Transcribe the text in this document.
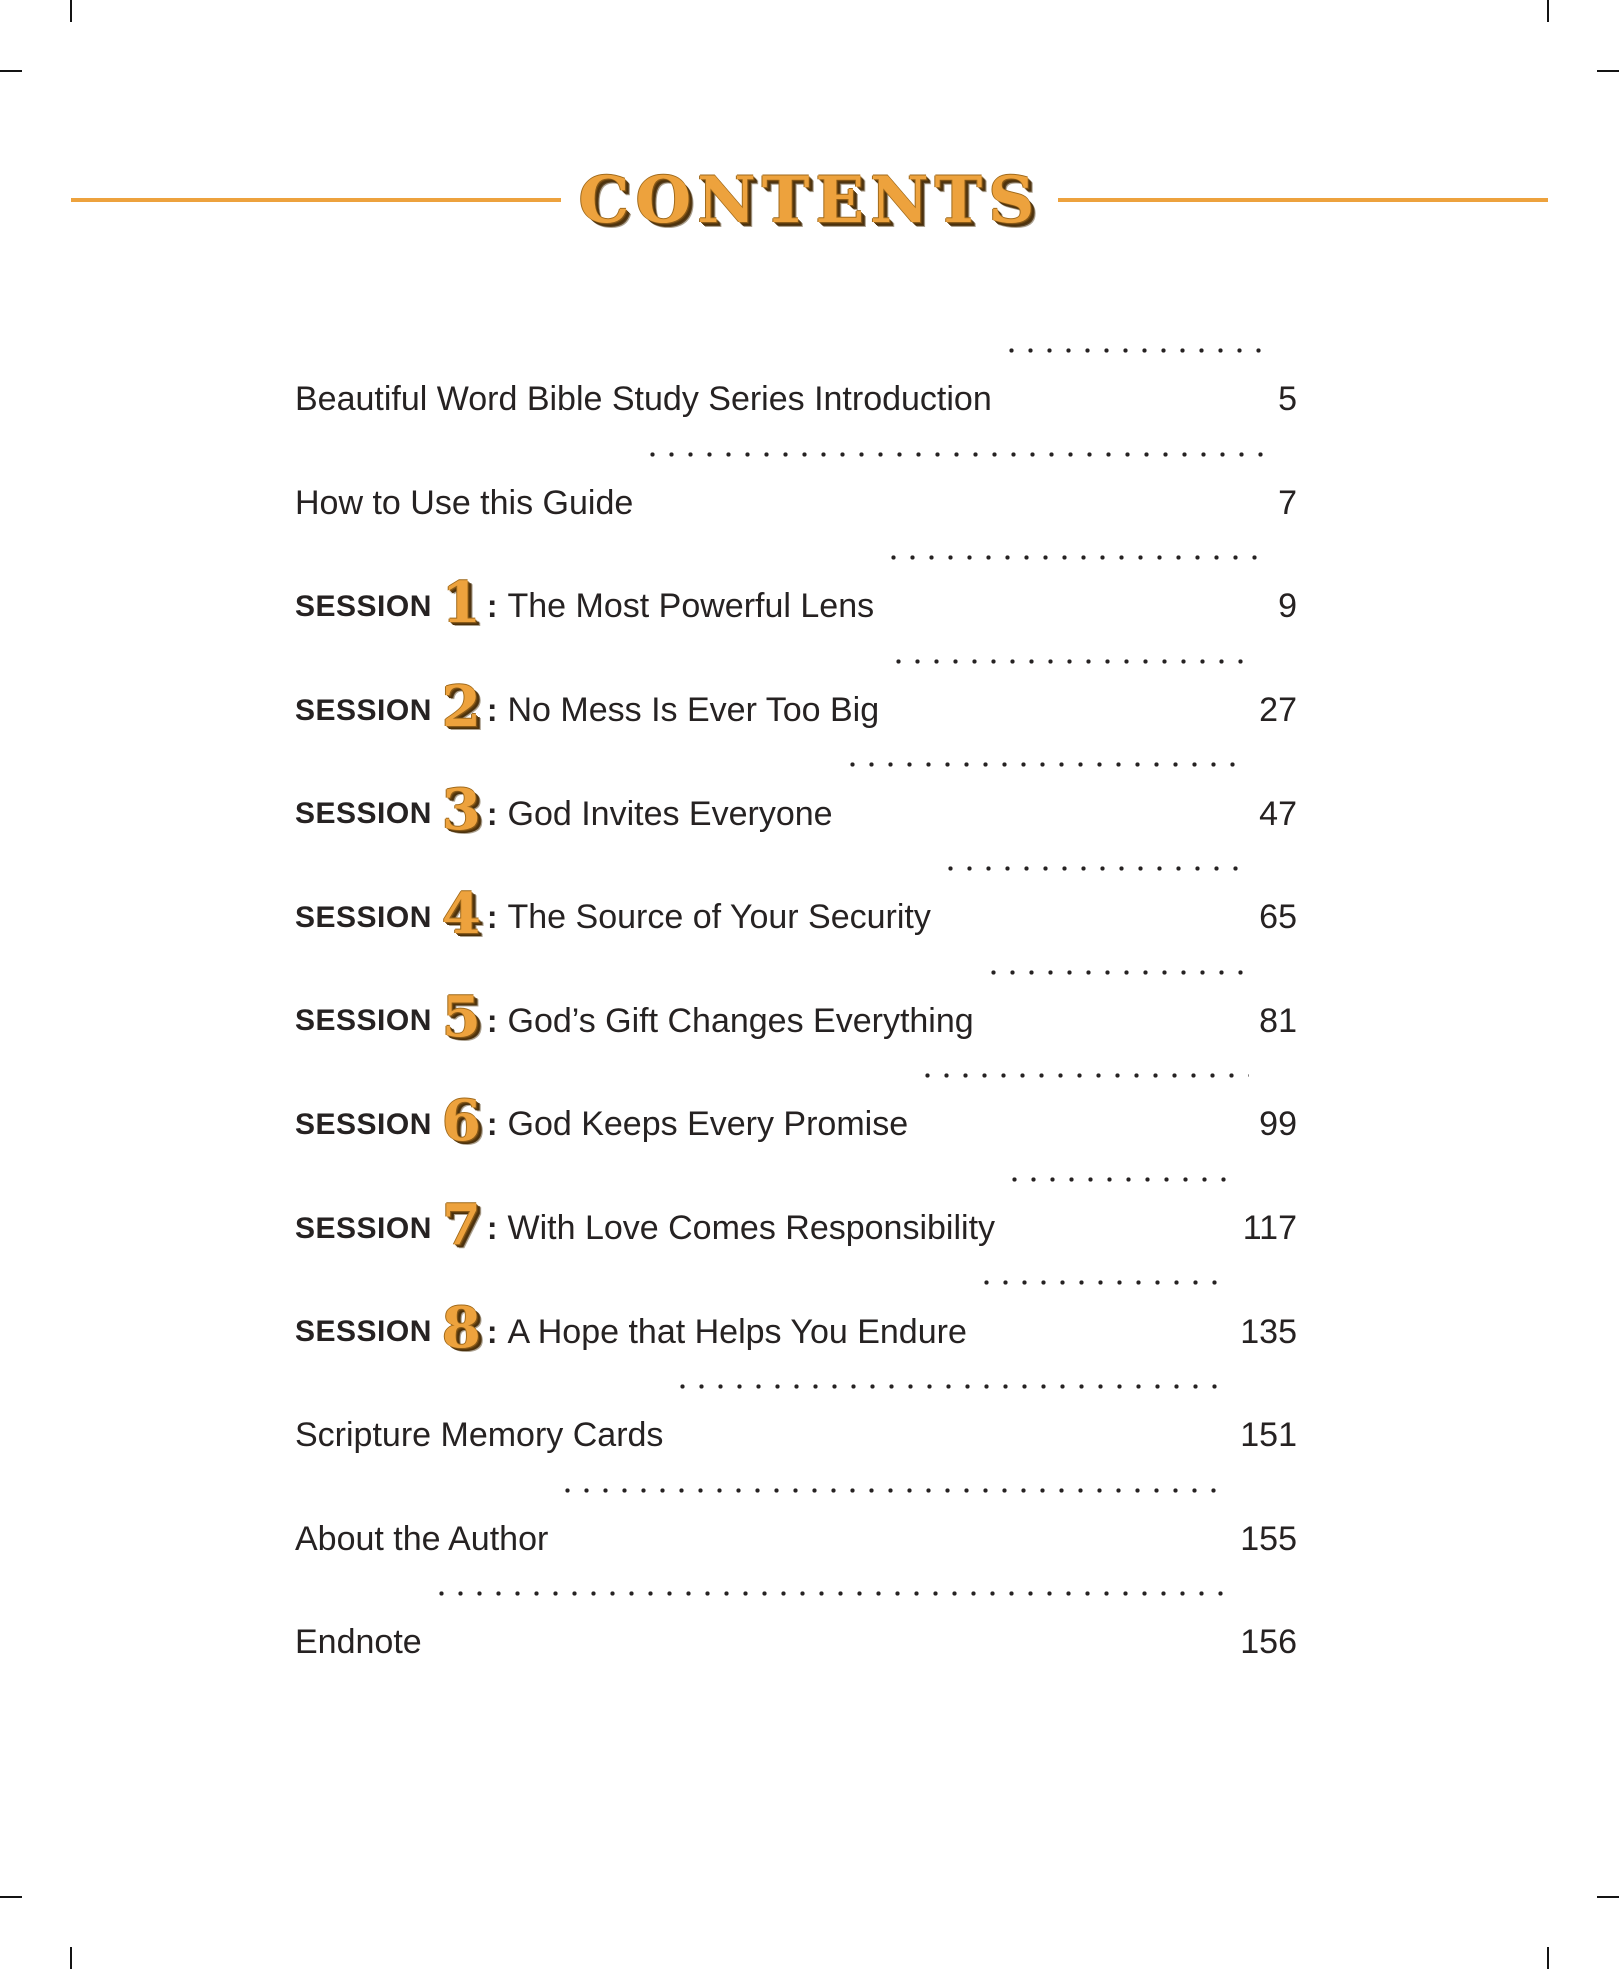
CONTENTS
Beautiful Word Bible Study Series Introduction	5
How to Use this Guide	7
SESSION 1 : The Most Powerful Lens	9
SESSION 2 : No Mess Is Ever Too Big	27
SESSION 3 : God Invites Everyone	47
SESSION 4 : The Source of Your Security	65
SESSION 5 : God’s Gift Changes Everything	81
SESSION 6 : God Keeps Every Promise	99
SESSION 7 : With Love Comes Responsibility	117
SESSION 8 : A Hope that Helps You Endure	135
Scripture Memory Cards	151
About the Author	155
Endnote	156
